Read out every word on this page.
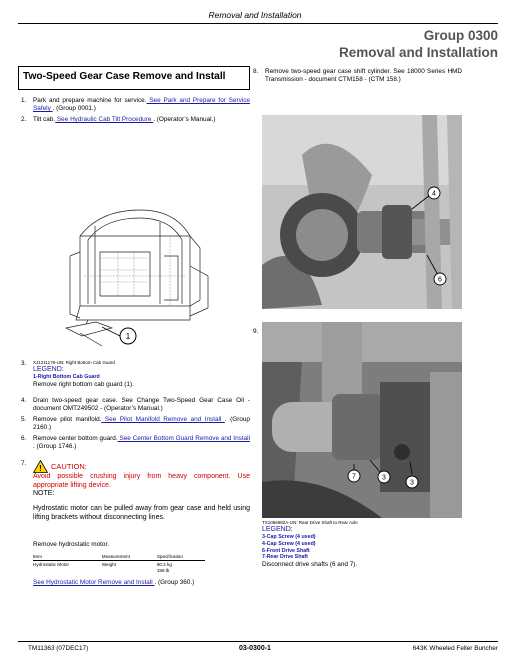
Removal and Installation
Group 0300
Removal and Installation
Two-Speed Gear Case Remove and Install
1. Park and prepare machine for service. See Park and Prepare for Service Safely . (Group 0001.)
2. Tilt cab. See Hydraulic Cab Tilt Procedure . (Operator’s Manual.)
1
3. XJ1211178-UN: Right Bottom Cab Guard
LEGEND:
1-Right Bottom Cab Guard
Remove right bottom cab guard (1).
4. Drain two-speed gear case. See Change Two-Speed Gear Case Oil - document OMT249502 - (Operator’s Manual.)
5. Remove pilot manifold. See Pilot Manifold Remove and Install . (Group 2160.)
6. Remove center bottom guard. See Center Bottom Guard Remove and Install . (Group 1746.)
7.
! CAUTION:
Avoid possible crushing injury from heavy component. Use appropriate lifting device.
NOTE:
Hydrostatic motor can be pulled away from gear case and held using lifting brackets without disconnecting lines.
Remove hydrostatic motor.
Item	Measurement	Specification
Hydrostatic Motor	Weight	90.2 kg
199 lb
See Hydrostatic Motor Remove and Install . (Group 360.)
8. Remove two-speed gear case shift cylinder. See 18000 Series HMD Transmission - document CTM158 - (CTM 158.)
4
6
9.
3
3
7
TX1066682A-UN: Rear Drive Shaft to Rear Axle
LEGEND:
3-Cap Screw (4 used)
4-Cap Screw (4 used)
6-Front Drive Shaft
7-Rear Drive Shaft
Disconnect drive shafts (6 and 7).
TM11363 (07DEC17)	03-0300-1	643K Wheeled Feller Buncher
